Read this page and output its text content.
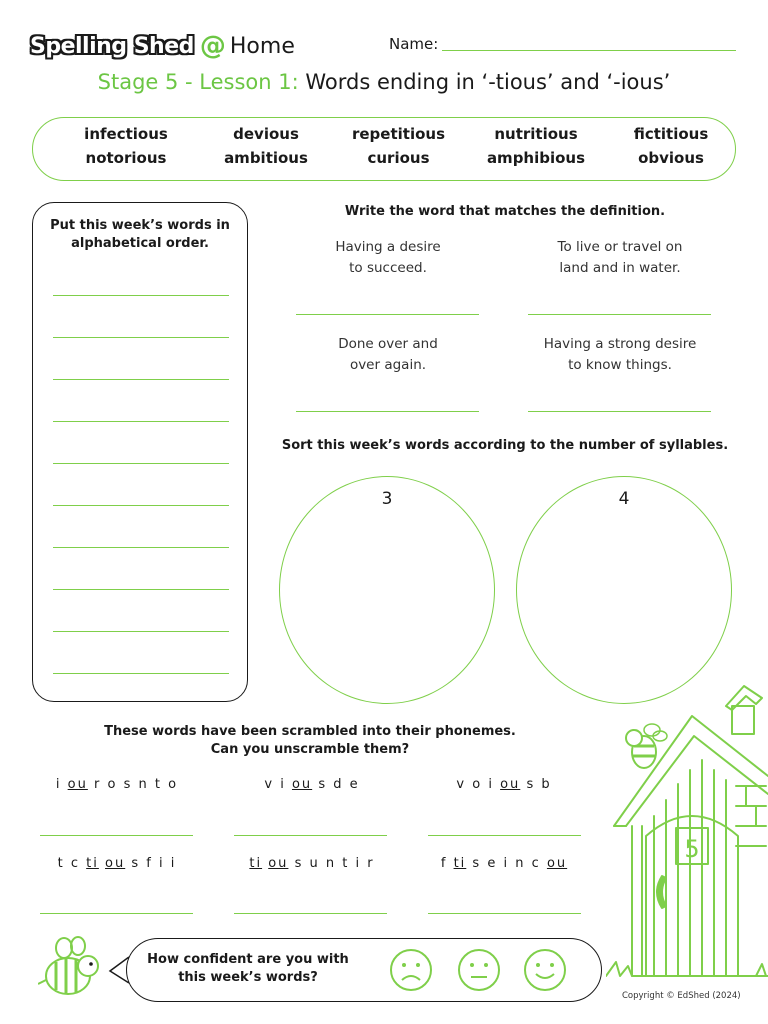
Spelling Shed @ Home	Name:
Stage 5 - Lesson 1: Words ending in ‘-tious’ and ‘-ious’
infectious	devious	repetitious	nutritious	fictitious
notorious	ambitious	curious	amphibious	obvious
Put this week’s words in alphabetical order.
Write the word that matches the definition.
Having a desire
to succeed.
To live or travel on
land and in water.
Done over and
over again.
Having a strong desire
to know things.
Sort this week’s words according to the number of syllables.
3	4
These words have been scrambled into their phonemes.
Can you unscramble them?
i ou r o s n t o	v i ou s d e	v o i ou s b
t c ti ou s f i i	ti ou s u n t i r	f ti s e i n c ou
5
How confident are you with this week’s words?
Copyright © EdShed (2024)
